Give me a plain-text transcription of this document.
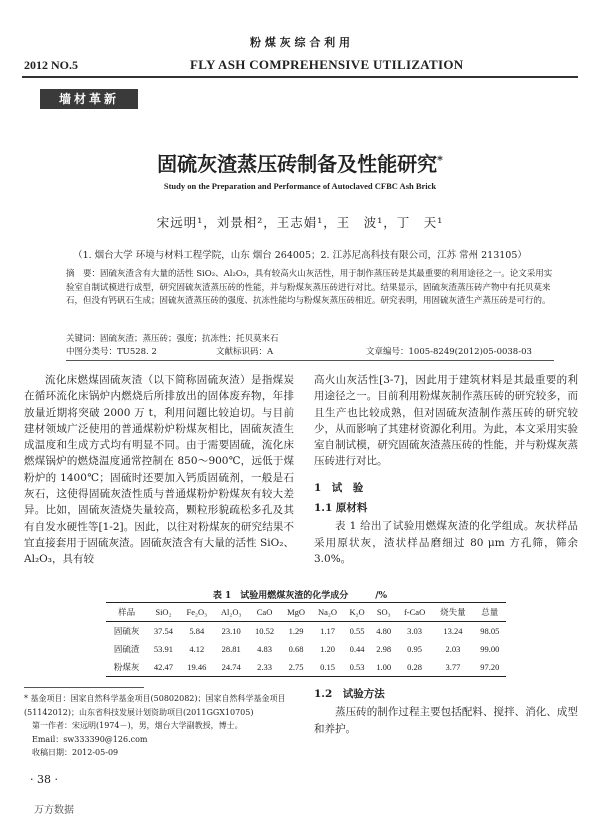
粉 煤 灰 综 合 利 用
2012 NO.5	FLY ASH COMPREHENSIVE UTILIZATION
墙材革新
固硫灰渣蒸压砖制备及性能研究*
Study on the Preparation and Performance of Autoclaved CFBC Ash Brick
宋远明¹，刘景相²，王志娟¹，王　波¹，丁　天¹
（1. 烟台大学 环境与材料工程学院，山东 烟台 264005；2. 江苏尼高科技有限公司，江苏 常州 213105）
摘　要：固硫灰渣含有大量的活性 SiO₂、Al₂O₃，具有较高火山灰活性，用于制作蒸压砖是其最重要的利用途径之一。论文采用实验室自制试模进行成型，研究固硫灰渣蒸压砖的性能，并与粉煤灰蒸压砖进行对比。结果显示，固硫灰渣蒸压砖产物中有托贝莫来石，但没有钙矾石生成；固硫灰渣蒸压砖的强度、抗冻性能均与粉煤灰蒸压砖相近。研究表明，用固硫灰渣生产蒸压砖是可行的。
关键词：固硫灰渣；蒸压砖；强度；抗冻性；托贝莫来石
中图分类号：TU528. 2	文献标识码：A	文章编号：1005-8249(2012)05-0038-03
流化床燃煤固硫灰渣（以下简称固硫灰渣）是指煤炭在循环流化床锅炉内燃烧后所排放出的固体废弃物，年排放量近期将突破 2000 万 t，利用问题比较迫切。与目前建材领域广泛使用的普通煤粉炉粉煤灰相比，固硫灰渣生成温度和生成方式均有明显不同。由于需要固硫，流化床燃煤锅炉的燃烧温度通常控制在 850～900℃，远低于煤粉炉的 1400℃；固硫时还要加入钙质固硫剂，一般是石灰石，这使得固硫灰渣性质与普通煤粉炉粉煤灰有较大差异。比如，固硫灰渣烧失量较高，颗粒形貌疏松多孔及其有自发水硬性等[1-2]。因此，以往对粉煤灰的研究结果不宜直接套用于固硫灰渣。固硫灰渣含有大量的活性 SiO₂、Al₂O₃，具有较
高火山灰活性[3-7]，因此用于建筑材料是其最重要的利用途径之一。目前利用粉煤灰制作蒸压砖的研究较多，而且生产也比较成熟，但对固硫灰渣制作蒸压砖的研究较少，从而影响了其建材资源化利用。为此，本文采用实验室自制试模，研究固硫灰渣蒸压砖的性能，并与粉煤灰蒸压砖进行对比。
1　试　验
1.1 原材料
表 1 给出了试验用燃煤灰渣的化学组成。灰状样品采用原状灰，渣状样品磨细过 80 μm 方孔筛，筛余 3.0%。
表 1　试验用燃煤灰渣的化学成分　　　/%
样品	SiO₂	Fe₂O₃	Al₂O₃	CaO	MgO	Na₂O	K₂O	SO₃	f-CaO	烧失量	总量
固硫灰	37.54	5.84	23.10	10.52	1.29	1.17	0.55	4.80	3.03	13.24	98.05
固硫渣	53.91	4.12	28.81	4.83	0.68	1.20	0.44	2.98	0.95	2.03	99.00
粉煤灰	42.47	19.46	24.74	2.33	2.75	0.15	0.53	1.00	0.28	3.77	97.20
* 基金项目：国家自然科学基金项目(50802082)；国家自然科学基金项目(51142012)；山东省科技发展计划资助项目(2011GGX10705)
第一作者：宋远明(1974－)，男，烟台大学副教授，博士。
Email：sw333390@126.com
收稿日期：2012-05-09
1.2　试验方法
蒸压砖的制作过程主要包括配料、搅拌、消化、成型和养护。
· 38 ·
万方数据
